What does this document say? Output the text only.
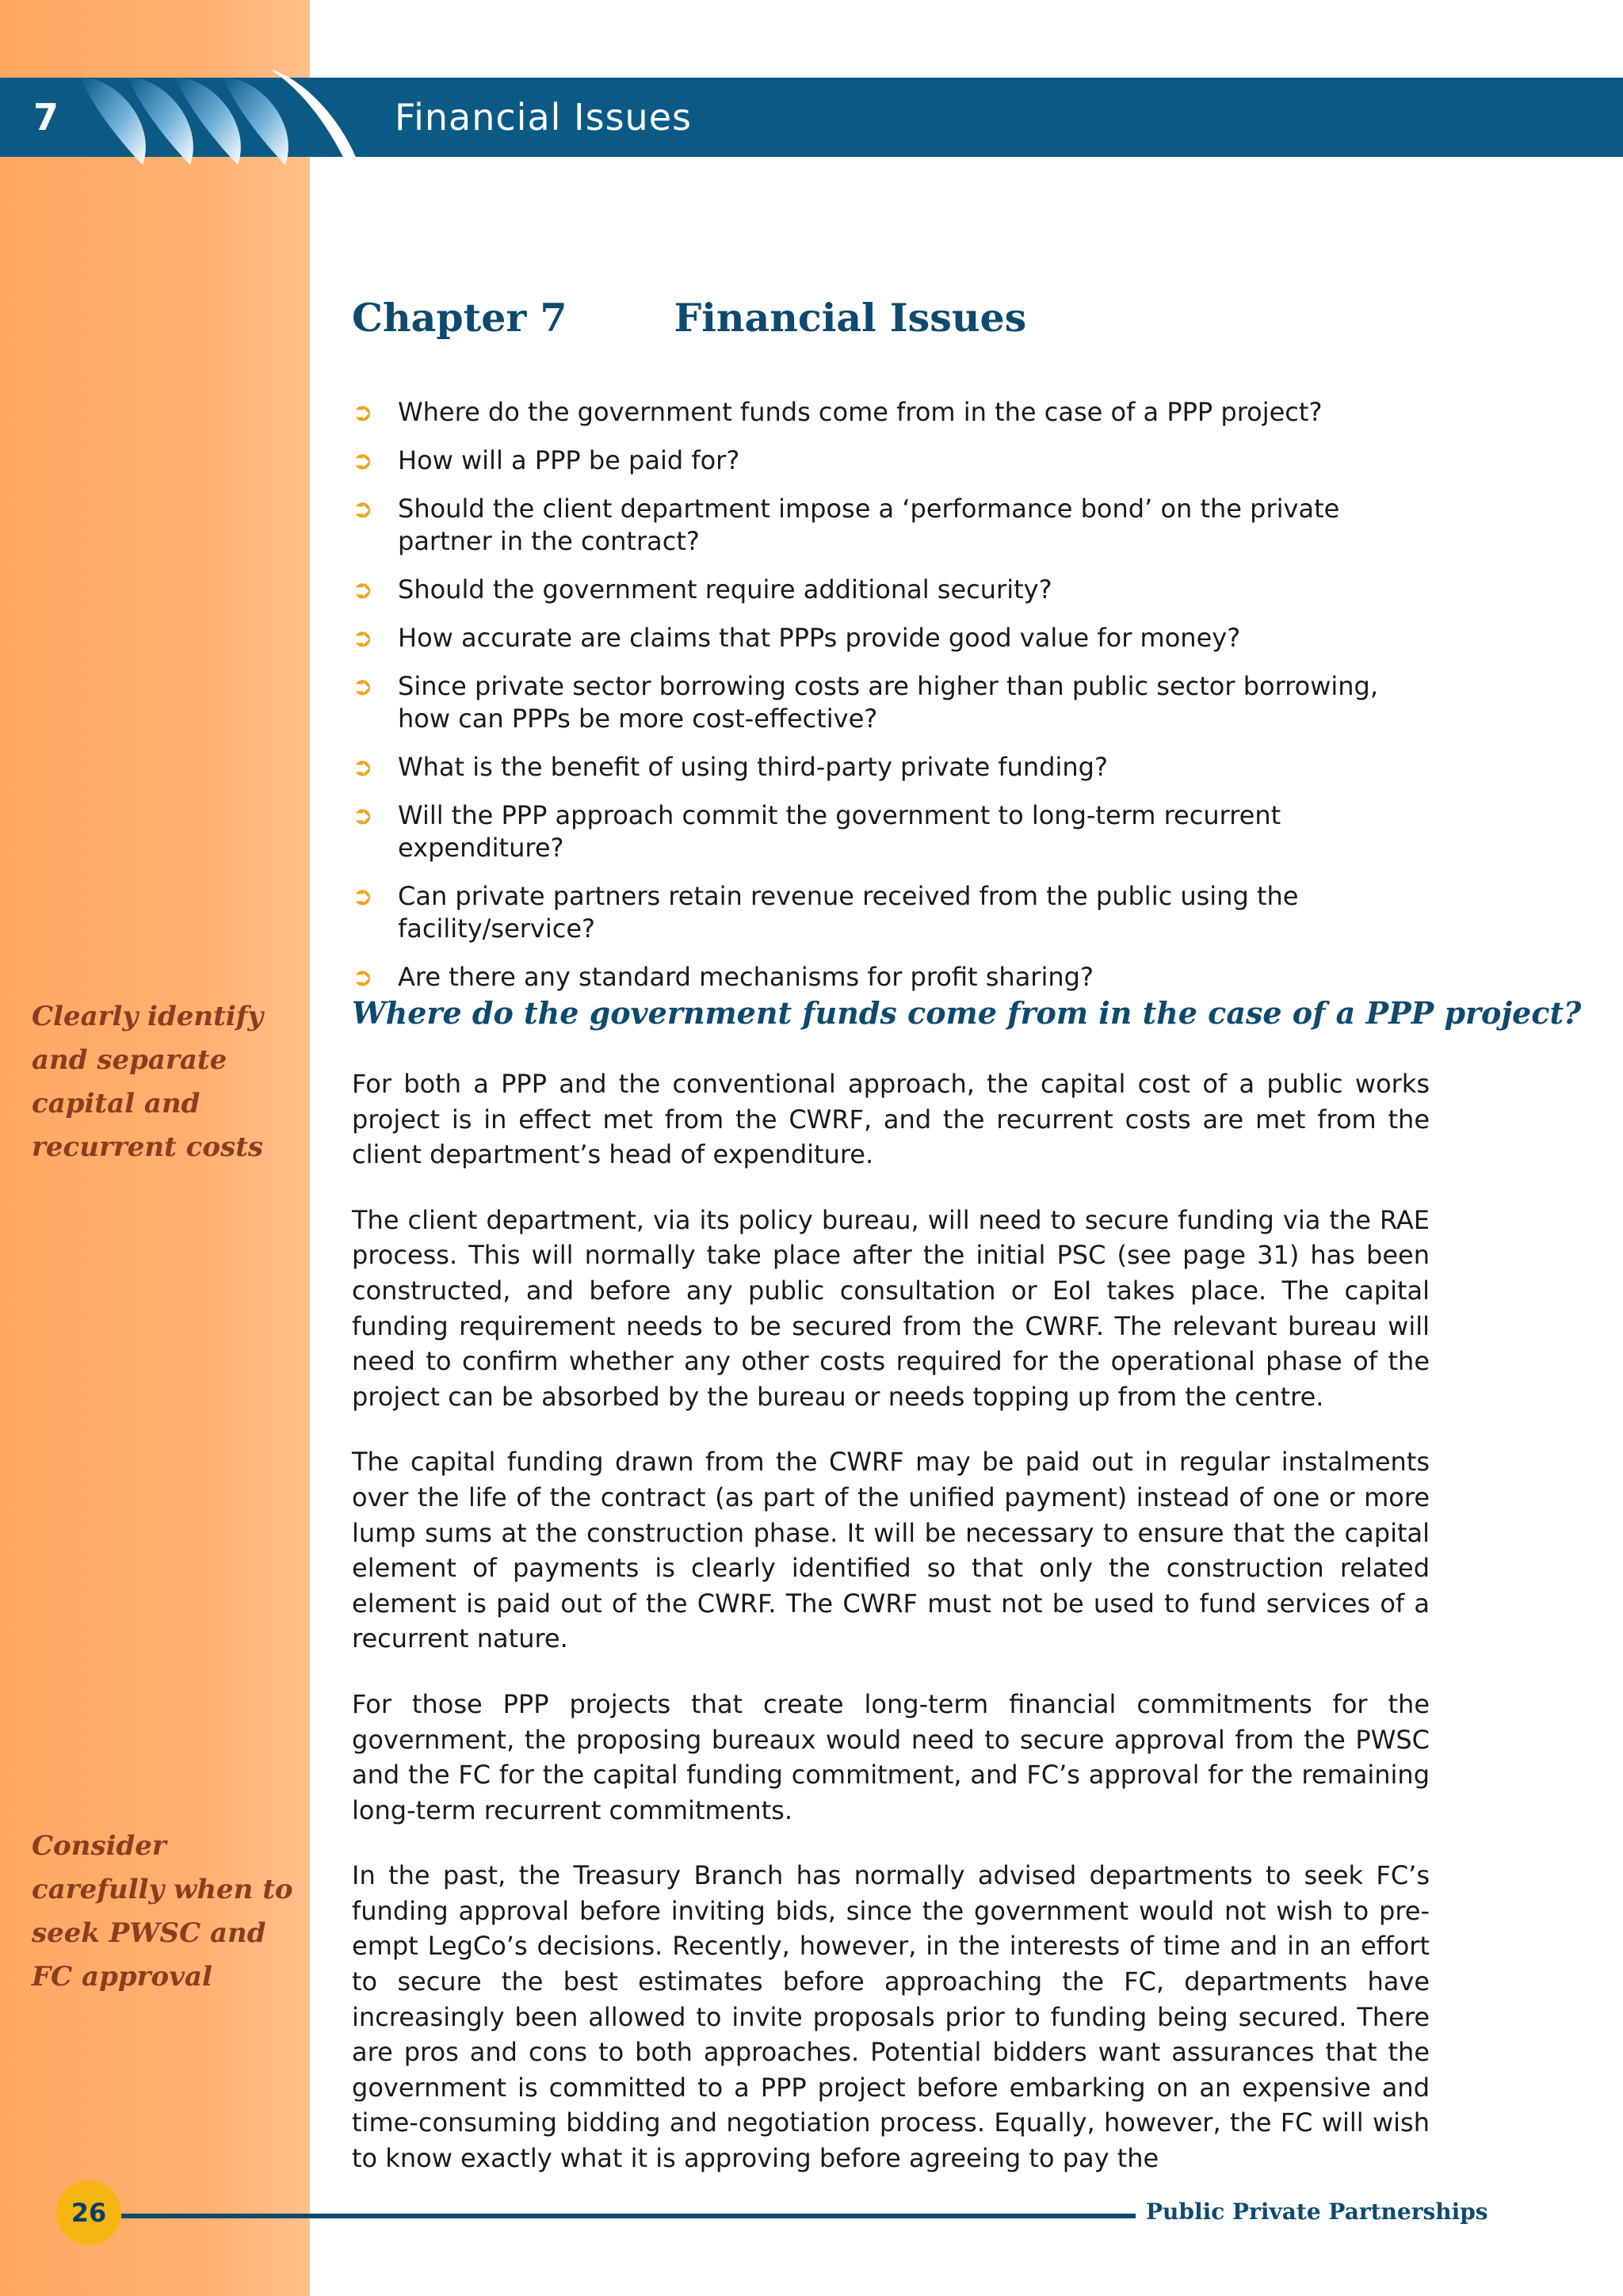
7	Financial Issues
Chapter 7	Financial Issues
➲ Where do the government funds come from in the case of a PPP project?
➲ How will a PPP be paid for?
➲ Should the client department impose a ‘performance bond’ on the private partner in the contract?
➲ Should the government require additional security?
➲ How accurate are claims that PPPs provide good value for money?
➲ Since private sector borrowing costs are higher than public sector borrowing, how can PPPs be more cost-effective?
➲ What is the benefit of using third-party private funding?
➲ Will the PPP approach commit the government to long-term recurrent expenditure?
➲ Can private partners retain revenue received from the public using the facility/service?
➲ Are there any standard mechanisms for profit sharing?
Clearly identify and separate capital and recurrent costs
Where do the government funds come from in the case of a PPP project?

For both a PPP and the conventional approach, the capital cost of a public works project is in effect met from the CWRF, and the recurrent costs are met from the client department’s head of expenditure.

The client department, via its policy bureau, will need to secure funding via the RAE process. This will normally take place after the initial PSC (see page 31) has been constructed, and before any public consultation or EoI takes place. The capital funding requirement needs to be secured from the CWRF. The relevant bureau will need to confirm whether any other costs required for the operational phase of the project can be absorbed by the bureau or needs topping up from the centre.

The capital funding drawn from the CWRF may be paid out in regular instalments over the life of the contract (as part of the unified payment) instead of one or more lump sums at the construction phase. It will be necessary to ensure that the capital element of payments is clearly identified so that only the construction related element is paid out of the CWRF. The CWRF must not be used to fund services of a recurrent nature.

For those PPP projects that create long-term financial commitments for the government, the proposing bureaux would need to secure approval from the PWSC and the FC for the capital funding commitment, and FC’s approval for the remaining long-term recurrent commitments.

In the past, the Treasury Branch has normally advised departments to seek FC’s funding approval before inviting bids, since the government would not wish to pre-empt LegCo’s decisions. Recently, however, in the interests of time and in an effort to secure the best estimates before approaching the FC, departments have increasingly been allowed to invite proposals prior to funding being secured. There are pros and cons to both approaches. Potential bidders want assurances that the government is committed to a PPP project before embarking on an expensive and time-consuming bidding and negotiation process. Equally, however, the FC will wish to know exactly what it is approving before agreeing to pay the

Consider carefully when to seek PWSC and FC approval
26	Public Private Partnerships
